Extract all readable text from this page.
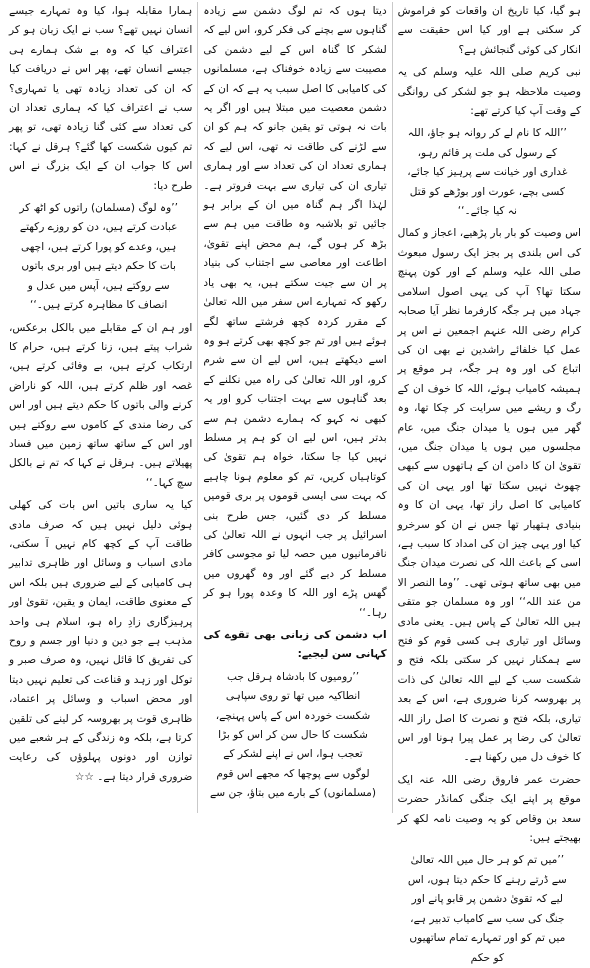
ہو گیا، کیا تاریخ ان واقعات کو فراموش کر سکتی ہے اور کیا اس حقیقت سے انکار کی کوئی گنجائش ہے؟
نبی کریم صلی اللہ علیہ وسلم کی یہ وصیت ملاحظہ ہو جو لشکر کی روانگی کے وقت آپ کیا کرتے تھے:
’’اللہ کا نام لے کر روانہ ہو جاؤ، اللہ کے رسول کی ملت پر قائم رہو، غداری اور خیانت سے پرہیز کیا جائے، کسی بچے، عورت اور بوڑھے کو قتل نہ کیا جائے۔‘‘
اس وصیت کو بار بار پڑھیے، اعجاز و کمال کی اس بلندی پر بجز ایک رسول مبعوث صلی اللہ علیہ وسلم کے اور کون پہنچ سکتا تھا؟ آپ کی یہی اصول اسلامی جہاد میں ہر جگہ کارفرما نظر آیا صحابہ کرام رضی اللہ عنہم اجمعین نے اس پر عمل کیا خلفائے راشدین نے بھی ان کی اتباع کی اور وہ ہر جگہ، ہر موقع پر ہمیشہ کامیاب ہوئے، اللہ کا خوف ان کے رگ و ریشے میں سرایت کر چکا تھا، وہ گھر میں ہوں یا میدان جنگ میں، عام مجلسوں میں ہوں یا میدان جنگ میں، تقویٰ ان کا دامن ان کے ہاتھوں سے کبھی چھوٹ نہیں سکتا تھا اور یہی ان کی کامیابی کا اصل راز تھا، یہی ان کا وہ بنیادی ہتھیار تھا جس نے ان کو سرخرو کیا اور یہی چیز ان کی امداد کا سبب ہے، اسی کے باعث اللہ کی نصرت میدان جنگ میں بھی ساتھ ہوتی تھی۔ ’’وما النصر الا من عند اللہ‘‘ اور وہ مسلمان جو متقی ہیں اللہ تعالیٰ کے پاس ہیں۔ یعنی مادی وسائل اور تیاری ہی کسی قوم کو فتح سے ہمکنار نہیں کر سکتی بلکہ فتح و شکست سب کے لیے اللہ تعالیٰ کی ذات پر بھروسہ کرنا ضروری ہے، اس کے بعد تیاری، بلکہ فتح و نصرت کا اصل راز اللہ تعالیٰ کی رضا پر عمل پیرا ہونا اور اس کا خوف دل میں رکھنا ہے۔
حضرت عمر فاروق رضی اللہ عنہ ایک موقع پر اپنے ایک جنگی کمانڈر حضرت سعد بن وقاص کو یہ وصیت نامہ لکھ کر بھیجتے ہیں:
’’میں تم کو ہر حال میں اللہ تعالیٰ سے ڈرتے رہنے کا حکم دیتا ہوں، اس لیے کہ تقویٰ دشمن پر قابو پانے اور جنگ کی سب سے کامیاب تدبیر ہے، میں تم کو اور تمہارے تمام ساتھیوں کو حکم
دیتا ہوں کہ تم لوگ دشمن سے زیادہ گناہوں سے بچنے کی فکر کرو، اس لیے کہ لشکر کا گناہ اس کے لیے دشمن کی مصیبت سے زیادہ خوفناک ہے، مسلمانوں کی کامیابی کا اصل سبب یہ ہے کہ ان کے دشمن معصیت میں مبتلا ہیں اور اگر یہ بات نہ ہوتی تو یقین جانو کہ ہم کو ان سے لڑنے کی طاقت نہ تھی، اس لیے کہ ہماری تعداد ان کی تعداد سے اور ہماری تیاری ان کی تیاری سے بہت فروتر ہے۔ لہٰذا اگر ہم گناہ میں ان کے برابر ہو جائیں تو بلاشبہ وہ طاقت میں ہم سے بڑھ کر ہوں گے، ہم محض اپنے تقویٰ، اطاعت اور معاصی سے اجتناب کی بنیاد پر ان سے جیت سکتے ہیں، یہ بھی یاد رکھو کہ تمہارے اس سفر میں اللہ تعالیٰ کے مقرر کردہ کچھ فرشتے ساتھ لگے ہوئے ہیں اور تم جو کچھ بھی کرتے ہو وہ اسے دیکھتے ہیں، اس لیے ان سے شرم کرو، اور اللہ تعالیٰ کی راہ میں نکلنے کے بعد گناہوں سے بہت اجتناب کرو اور یہ کبھی نہ کہو کہ ہمارے دشمن ہم سے بدتر ہیں، اس لیے ان کو ہم پر مسلط نہیں کیا جا سکتا، خواہ ہم تقویٰ کی کوتاہیاں کریں، تم کو معلوم ہونا چاہیے کہ بہت سی ایسی قوموں پر بری قومیں مسلط کر دی گئیں، جس طرح بنی اسرائیل پر جب انہوں نے اللہ تعالیٰ کی نافرمانیوں میں حصہ لیا تو مجوسی کافر مسلط کر دیے گئے اور وہ گھروں میں گھس پڑے اور اللہ کا وعدہ پورا ہو کر رہا۔‘‘
اب دشمن کی زبانی بھی تقوے کی کہانی سن لیجیے:
’’رومیوں کا بادشاہ ہرقل جب انطاکیہ میں تھا تو روی سپاہی شکست خوردہ اس کے پاس پہنچے، شکست کا حال سن کر اس کو بڑا تعجب ہوا، اس نے اپنے لشکر کے لوگوں سے پوچھا کہ مجھے اس قوم (مسلمانوں) کے بارے میں بتاؤ، جن سے
ہمارا مقابلہ ہوا، کیا وہ تمہارے جیسے انسان نہیں تھے؟ سب نے ایک زبان ہو کر اعتراف کیا کہ وہ بے شک ہمارے ہی جیسے انسان تھے، پھر اس نے دریافت کیا کہ ان کی تعداد زیادہ تھی یا تمہاری؟ سب نے اعتراف کیا کہ ہماری تعداد ان کی تعداد سے کئی گنا زیادہ تھی، تو پھر تم کیوں شکست کھا گئے؟ ہرقل نے کہا: اس کا جواب ان کے ایک بزرگ نے اس طرح دیا:
’’وہ لوگ (مسلمان) راتوں کو اٹھ کر عبادت کرتے ہیں، دن کو روزے رکھتے ہیں، وعدے کو پورا کرتے ہیں، اچھی بات کا حکم دیتے ہیں اور بری باتوں سے روکتے ہیں، آپس میں عدل و انصاف کا مظاہرہ کرتے ہیں۔‘‘
اور ہم ان کے مقابلے میں بالکل برعکس، شراب پیتے ہیں، زنا کرتے ہیں، حرام کا ارتکاب کرتے ہیں، بے وفائی کرتے ہیں، غصہ اور ظلم کرتے ہیں، اللہ کو ناراض کرنے والی باتوں کا حکم دیتے ہیں اور اس کی رضا مندی کے کاموں سے روکتے ہیں اور اس کے ساتھ ساتھ زمین میں فساد پھیلاتے ہیں۔ ہرقل نے کہا کہ تم نے بالکل سچ کہا۔‘‘
کیا یہ ساری باتیں اس بات کی کھلی ہوئی دلیل نہیں ہیں کہ صرف مادی طاقت آپ کے کچھ کام نہیں آ سکتی، مادی اسباب و وسائل اور ظاہری تدابیر ہی کامیابی کے لیے ضروری ہیں بلکہ اس کے معنوی طاقت، ایمان و یقین، تقویٰ اور پرہیزگاری زادِ راہ ہو، اسلام ہی واحد مذہب ہے جو دین و دنیا اور جسم و روح کی تفریق کا قائل نہیں، وہ صرف صبر و توکل اور زہد و قناعت کی تعلیم نہیں دیتا اور محض اسباب و وسائل پر اعتماد، ظاہری قوت پر بھروسہ کر لینے کی تلقین کرتا ہے، بلکہ وہ زندگی کے ہر شعبے میں توازن اور دونوں پہلوؤں کی رعایت ضروری قرار دیتا ہے۔ ☆☆
